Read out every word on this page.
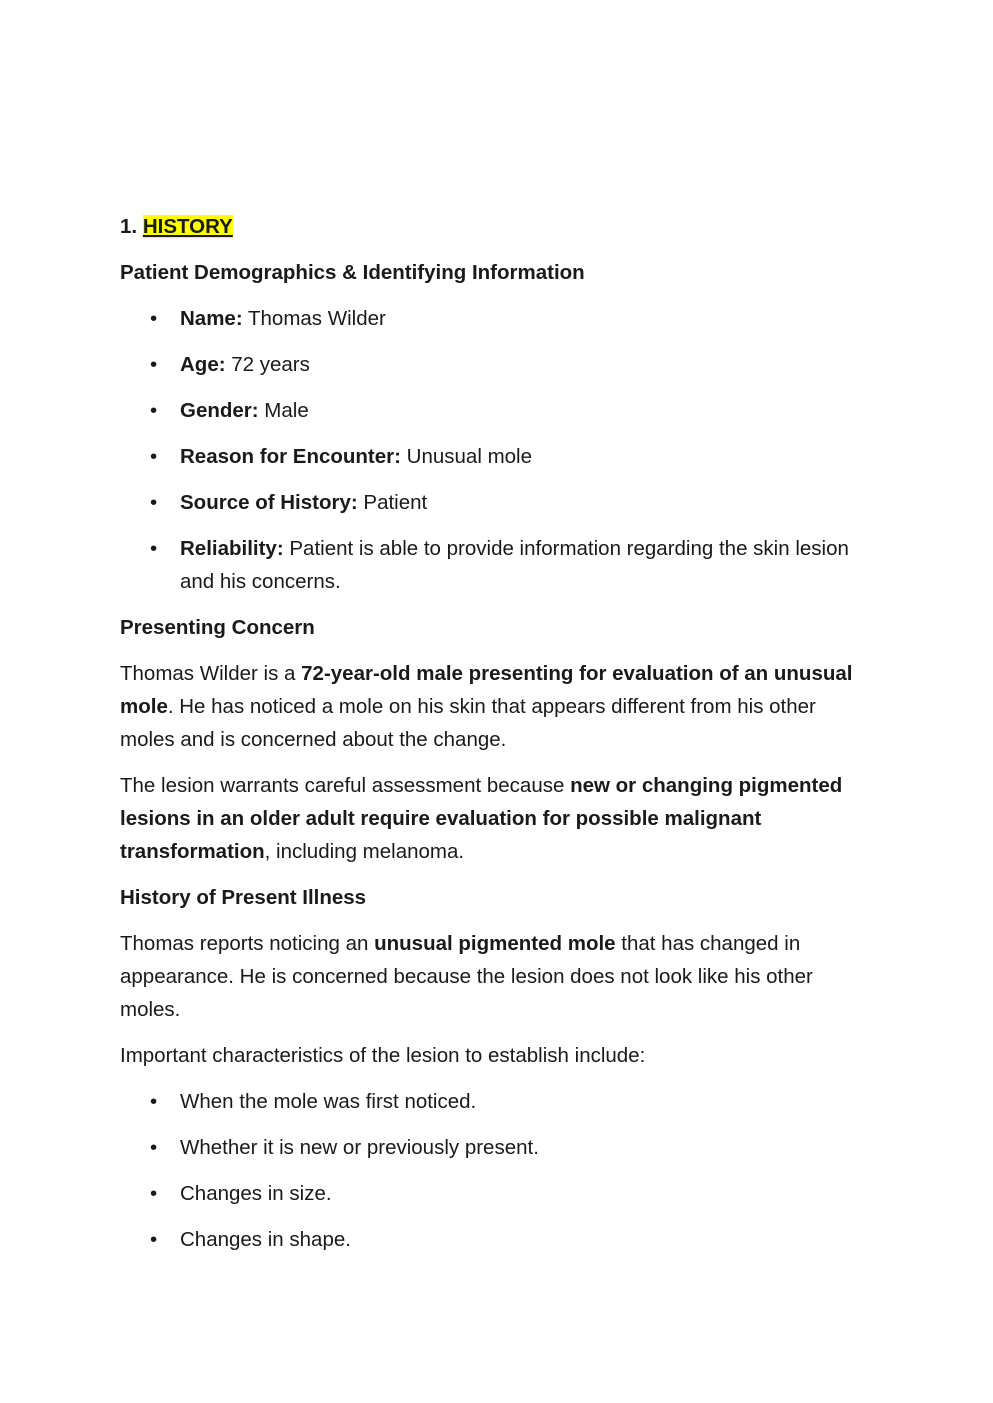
1. HISTORY
Patient Demographics & Identifying Information
• Name: Thomas Wilder
• Age: 72 years
• Gender: Male
• Reason for Encounter: Unusual mole
• Source of History: Patient
• Reliability: Patient is able to provide information regarding the skin lesion and his concerns.
Presenting Concern

Thomas Wilder is a 72-year-old male presenting for evaluation of an unusual mole. He has noticed a mole on his skin that appears different from his other moles and is concerned about the change.

The lesion warrants careful assessment because new or changing pigmented lesions in an older adult require evaluation for possible malignant transformation, including melanoma.

History of Present Illness

Thomas reports noticing an unusual pigmented mole that has changed in appearance. He is concerned because the lesion does not look like his other moles.

Important characteristics of the lesion to establish include:

• When the mole was first noticed.
• Whether it is new or previously present.
• Changes in size.
• Changes in shape.
